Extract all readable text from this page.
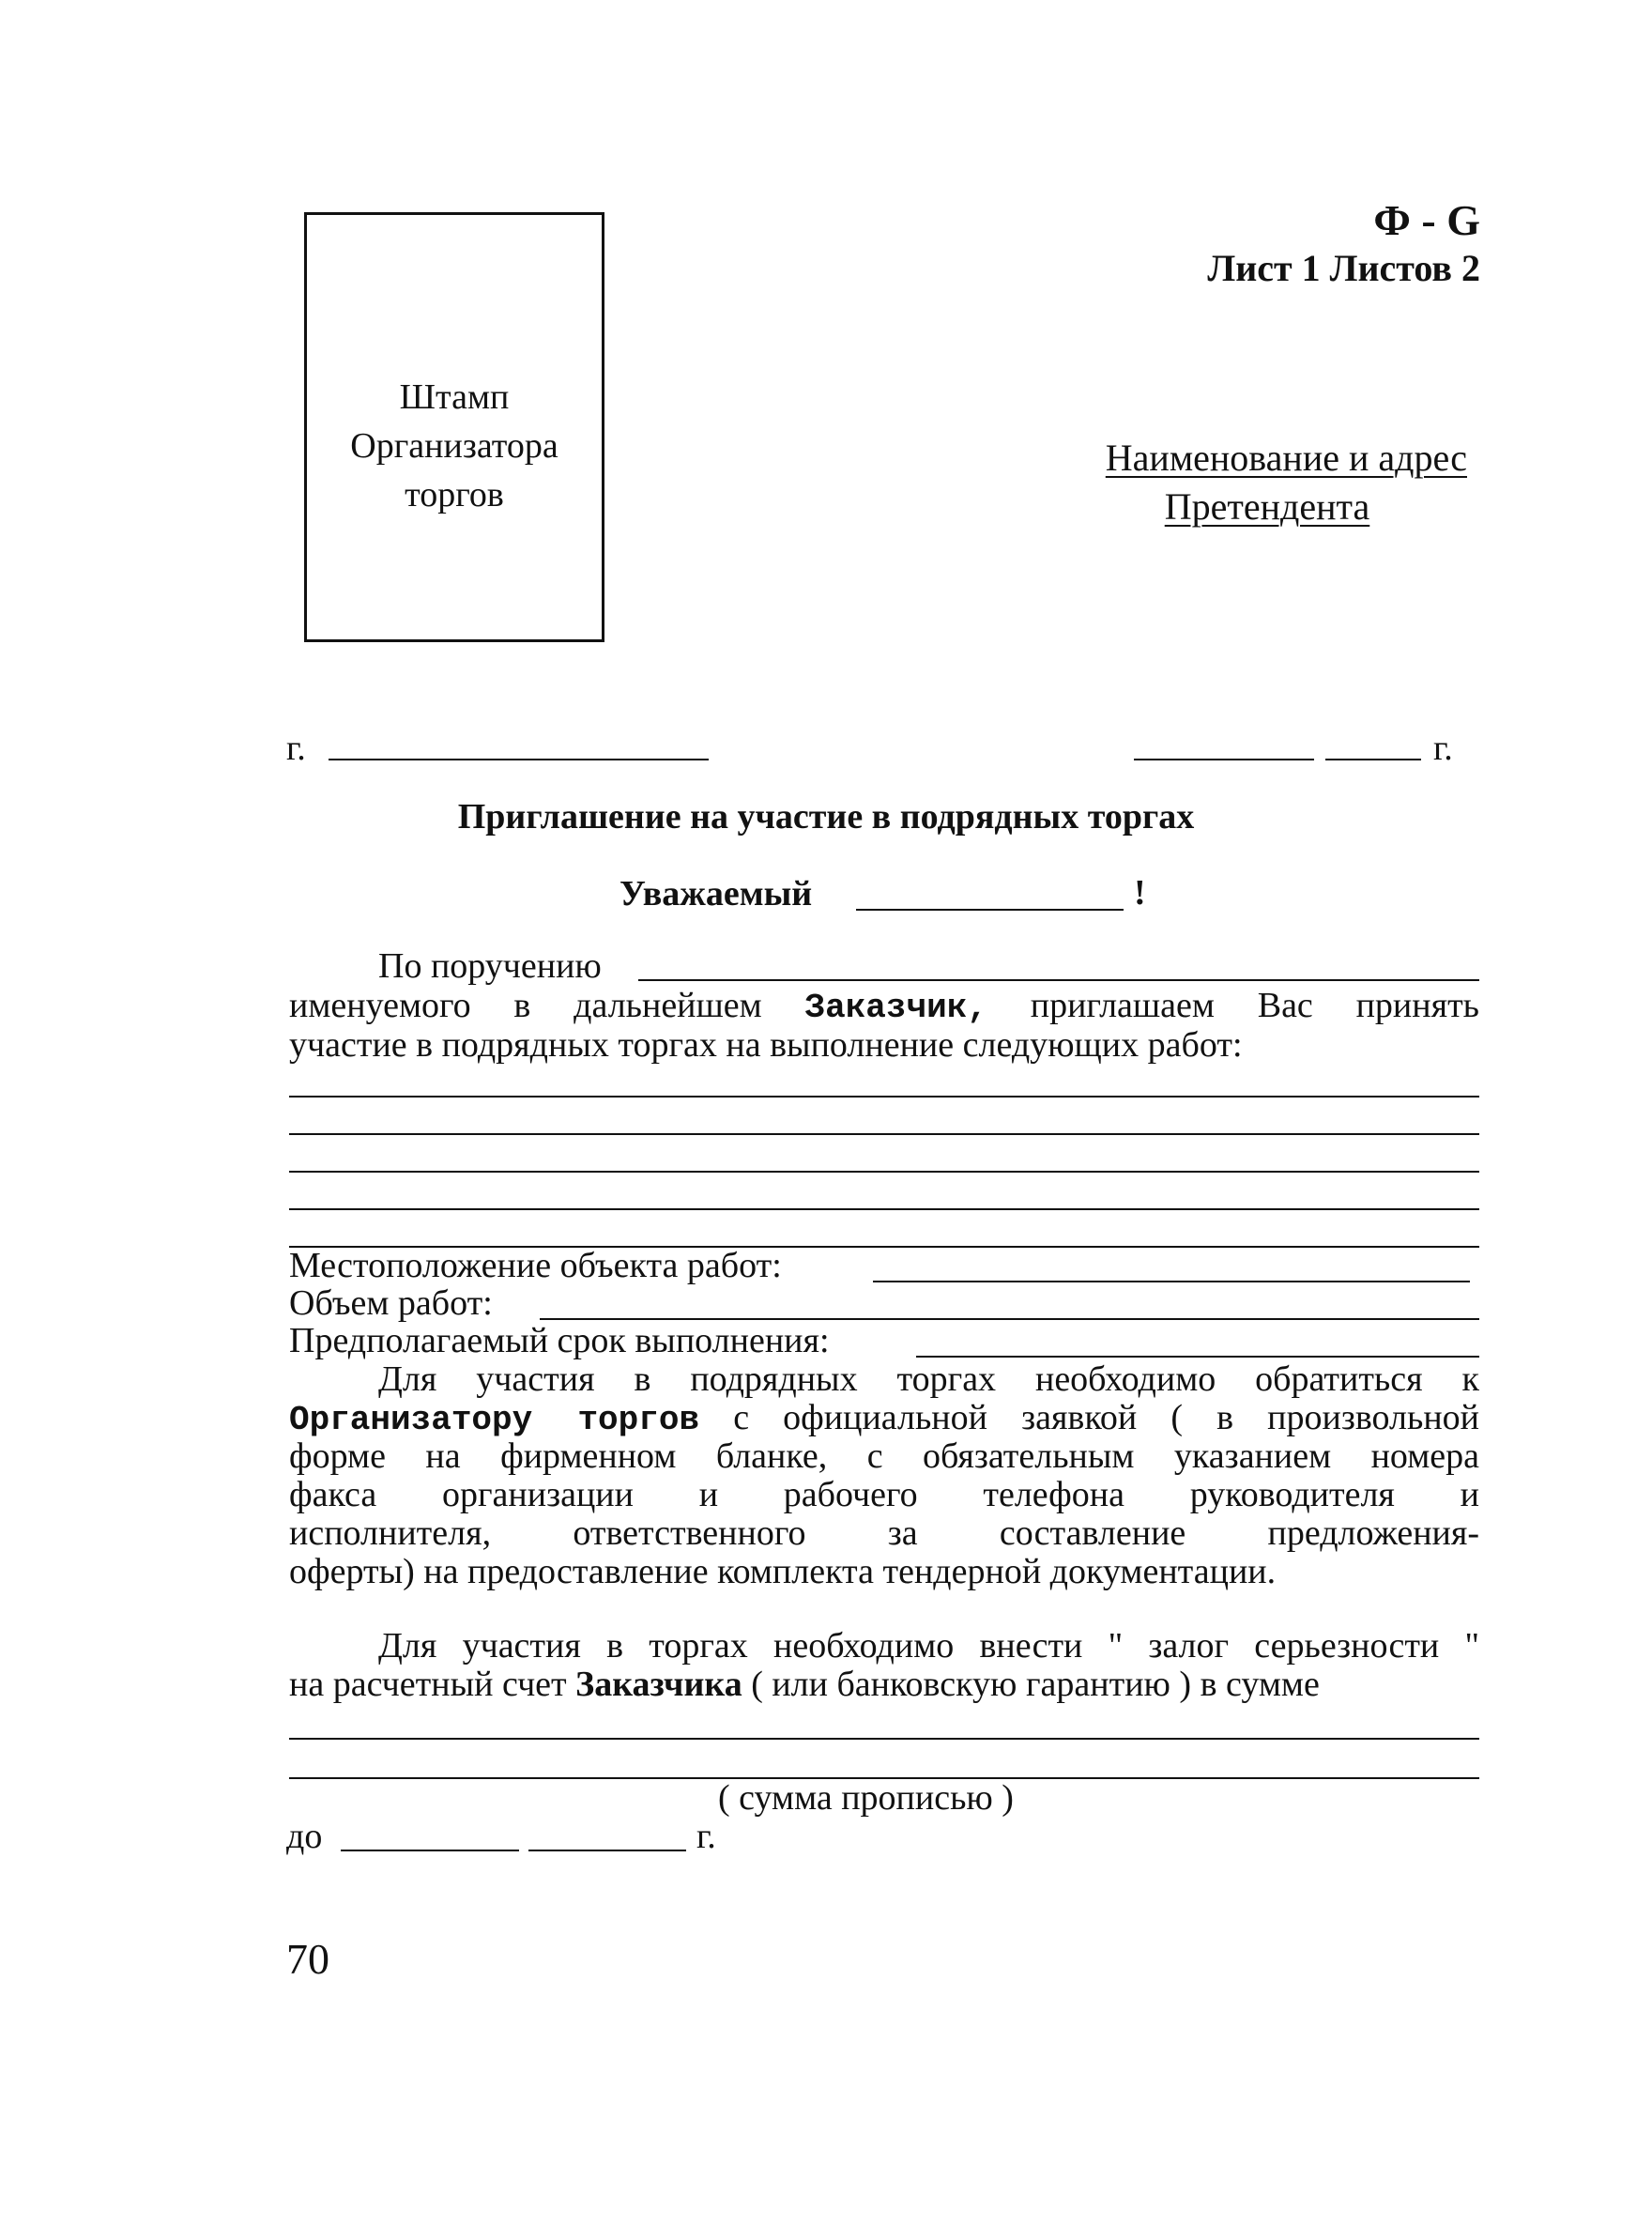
Ф - G
Лист 1 Листов 2
Штамп
Организатора
торгов
Наименование и адрес
Претендента
г.	г.
Приглашение на участие в подрядных торгах
Уважаемый	!
По поручению
именуемого в дальнейшем Заказчик, приглашаем Вас принять
участие в подрядных торгах на выполнение следующих работ:
Местоположение объекта работ:
Объем работ:
Предполагаемый срок выполнения:
Для участия в подрядных торгах необходимо обратиться к
Организатору торгов с официальной заявкой ( в произвольной
форме на фирменном бланке, с обязательным указанием номера
факса организации и рабочего телефона руководителя и
исполнителя, ответственного за составление предложения-
оферты) на предоставление комплекта тендерной документации.
Для участия в торгах необходимо внести " залог серьезности "
на расчетный счет Заказчика ( или банковскую гарантию ) в сумме
( сумма прописью )
до	г.
70
